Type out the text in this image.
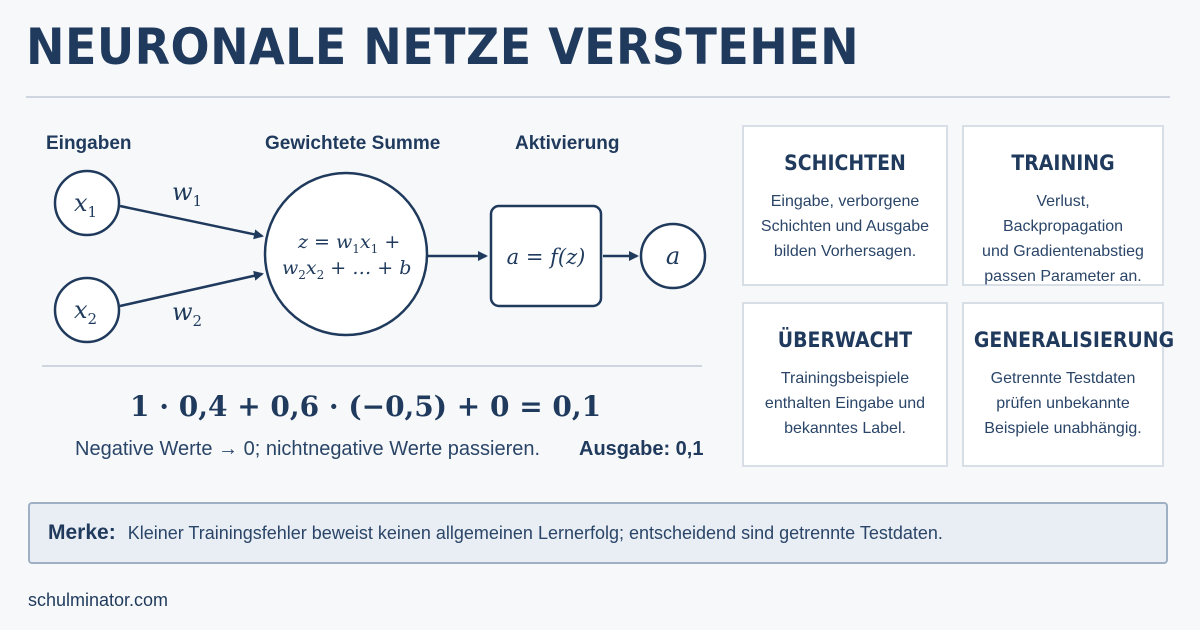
NEURONALE NETZE VERSTEHEN
Eingaben	Gewichtete Summe	Aktivierung
$x_1$
$x_2$
$w_1$
$w_2$
$z = w_1x_1$ +
$w_2x_2$ + … + b	a = f(z)	a
1 · 0,4 + 0,6 · (−0,5) + 0 = 0,1
Negative Werte → 0; nichtnegative Werte passieren. Ausgabe: 0,1
SCHICHTEN
Eingabe, verborgene
Schichten und Ausgabe
bilden Vorhersagen.
TRAINING
Verlust, Backpropagation
und Gradientenabstieg
passen Parameter an.
ÜBERWACHT
Trainingsbeispiele
enthalten Eingabe und
bekanntes Label.
GENERALISIERUNG
Getrennte Testdaten
prüfen unbekannte
Beispiele unabhängig.
Merke: Kleiner Trainingsfehler beweist keinen allgemeinen Lernerfolg; entscheidend sind getrennte Testdaten.
schulminator.com
